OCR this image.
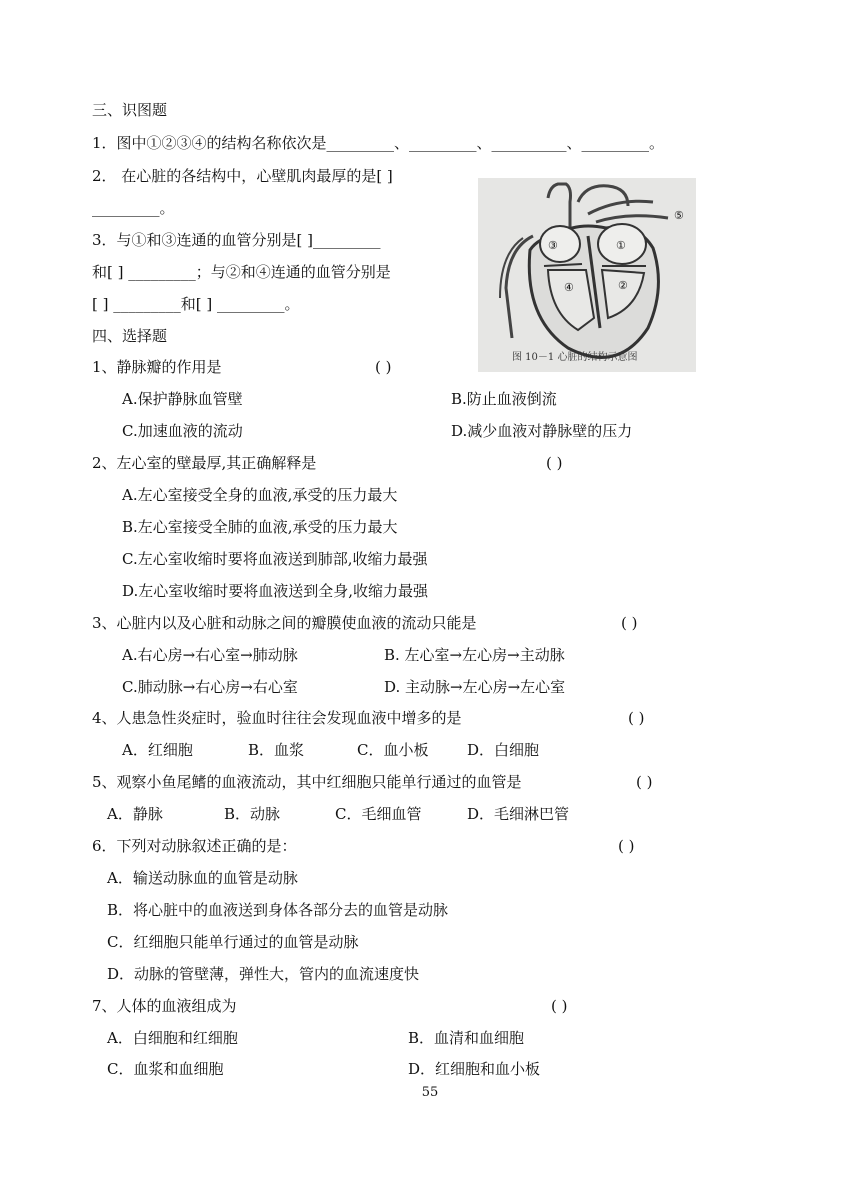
三、识图题
1．图中①②③④的结构名称依次是_________、_________、__________、_________。
2． 在心脏的各结构中，心壁肌肉最厚的是[ ]
_________。
3．与①和③连通的血管分别是[ ]_________
和[ ] _________；与②和④连通的血管分别是
[ ] _________和[ ] _________。
③	①
④	②
⑤
图 10－1 心脏的结构示意图
四、选择题
1、静脉瓣的作用是	( )
A.保护静脉血管壁	B.防止血液倒流
C.加速血液的流动	D.减少血液对静脉壁的压力
2、左心室的壁最厚,其正确解释是	( )
A.左心室接受全身的血液,承受的压力最大
B.左心室接受全肺的血液,承受的压力最大
C.左心室收缩时要将血液送到肺部,收缩力最强
D.左心室收缩时要将血液送到全身,收缩力最强
3、心脏内以及心脏和动脉之间的瓣膜使血液的流动只能是	( )
A.右心房→右心室→肺动脉	B. 左心室→左心房→主动脉
C.肺动脉→右心房→右心室	D. 主动脉→左心房→左心室
4、人患急性炎症时，验血时往往会发现血液中增多的是	( )
A．红细胞	B．血浆	C．血小板	D．白细胞
5、观察小鱼尾鳍的血液流动，其中红细胞只能单行通过的血管是	( )
A．静脉	B．动脉	C．毛细血管	D．毛细淋巴管
6．下列对动脉叙述正确的是：	( )
A．输送动脉血的血管是动脉
B．将心脏中的血液送到身体各部分去的血管是动脉
C．红细胞只能单行通过的血管是动脉
D．动脉的管壁薄，弹性大，管内的血流速度快
7、人体的血液组成为	( )
A．白细胞和红细胞	B．血清和血细胞
C．血浆和血细胞	D．红细胞和血小板
55
